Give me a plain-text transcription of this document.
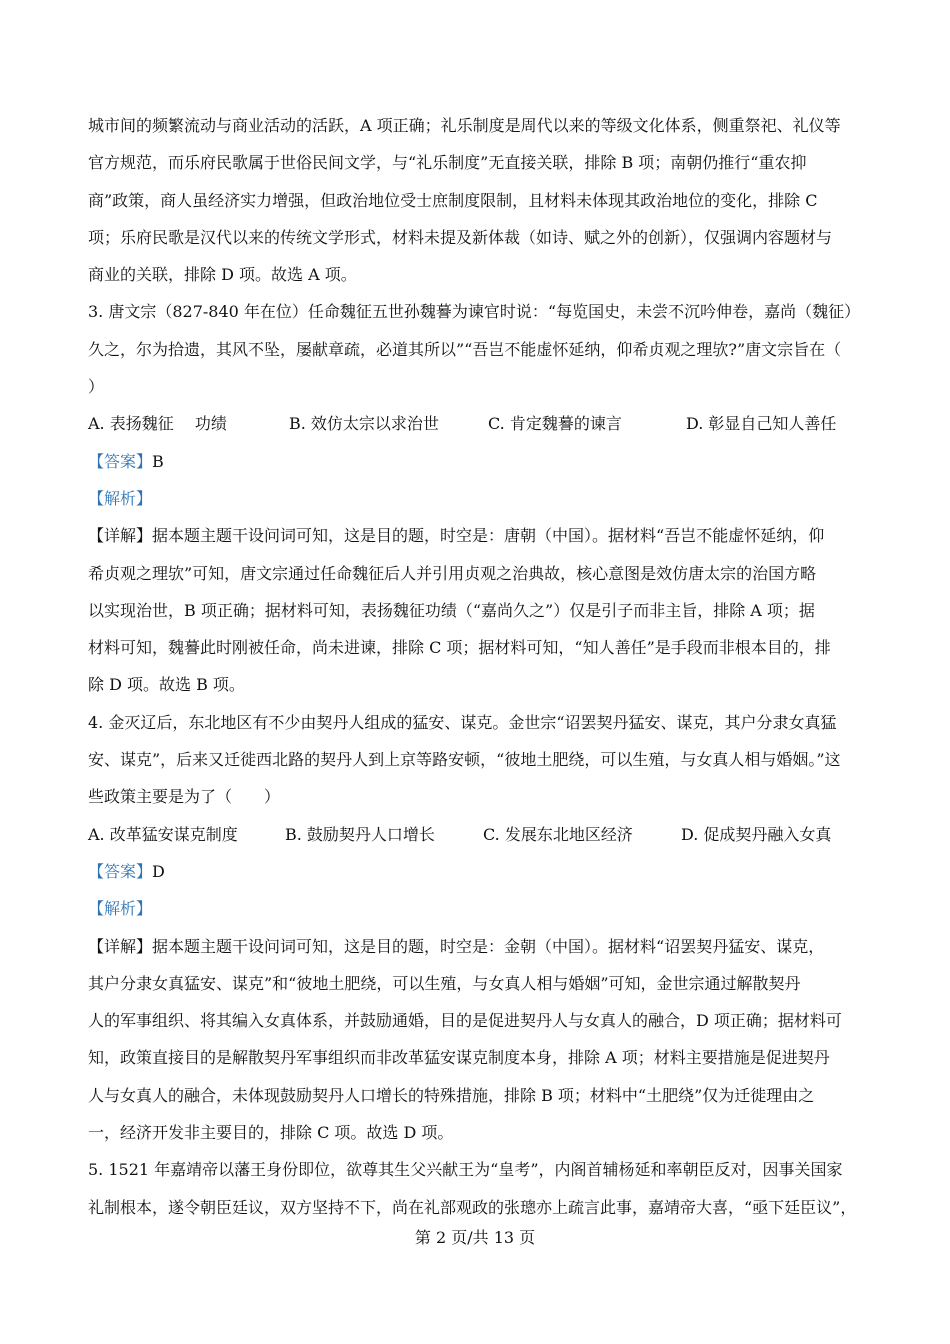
城市间的频繁流动与商业活动的活跃，A 项正确；礼乐制度是周代以来的等级文化体系，侧重祭祀、礼仪等
官方规范，而乐府民歌属于世俗民间文学，与“礼乐制度”无直接关联，排除 B 项；南朝仍推行“重农抑
商”政策，商人虽经济实力增强，但政治地位受士庶制度限制，且材料未体现其政治地位的变化，排除 C
项；乐府民歌是汉代以来的传统文学形式，材料未提及新体裁（如诗、赋之外的创新），仅强调内容题材与
商业的关联，排除 D 项。故选 A 项。
3. 唐文宗（827-840 年在位）任命魏征五世孙魏謩为谏官时说：“每览国史，未尝不沉吟伸卷，嘉尚（魏征）
久之，尔为拾遗，其风不坠，屡献章疏，必道其所以”“吾岂不能虚怀延纳，仰希贞观之理欤?”唐文宗旨在（
）
A. 表扬魏征　 功绩	B. 效仿太宗以求治世	C. 肯定魏謩的谏言	D. 彰显自己知人善任
【答案】B
【解析】
【详解】据本题主题干设问词可知，这是目的题，时空是：唐朝（中国）。据材料“吾岂不能虚怀延纳，仰
希贞观之理欤”可知，唐文宗通过任命魏征后人并引用贞观之治典故，核心意图是效仿唐太宗的治国方略
以实现治世，B 项正确；据材料可知，表扬魏征功绩（“嘉尚久之”）仅是引子而非主旨，排除 A 项；据
材料可知，魏謩此时刚被任命，尚未进谏，排除 C 项；据材料可知，“知人善任”是手段而非根本目的，排
除 D 项。故选 B 项。
4. 金灭辽后，东北地区有不少由契丹人组成的猛安、谋克。金世宗“诏罢契丹猛安、谋克，其户分隶女真猛
安、谋克”，后来又迁徙西北路的契丹人到上京等路安顿，“彼地土肥绕，可以生殖，与女真人相与婚姻。”这
些政策主要是为了（　　）
A. 改革猛安谋克制度	B. 鼓励契丹人口增长	C. 发展东北地区经济	D. 促成契丹融入女真
【答案】D
【解析】
【详解】据本题主题干设问词可知，这是目的题，时空是：金朝（中国）。据材料“诏罢契丹猛安、谋克，
其户分隶女真猛安、谋克”和“彼地土肥绕，可以生殖，与女真人相与婚姻”可知，金世宗通过解散契丹
人的军事组织、将其编入女真体系，并鼓励通婚，目的是促进契丹人与女真人的融合，D 项正确；据材料可
知，政策直接目的是解散契丹军事组织而非改革猛安谋克制度本身，排除 A 项；材料主要措施是促进契丹
人与女真人的融合，未体现鼓励契丹人口增长的特殊措施，排除 B 项；材料中“土肥绕”仅为迁徙理由之
一，经济开发非主要目的，排除 C 项。故选 D 项。
5. 1521 年嘉靖帝以藩王身份即位，欲尊其生父兴献王为“皇考”，内阁首辅杨延和率朝臣反对，因事关国家
礼制根本，遂令朝臣廷议，双方坚持不下，尚在礼部观政的张璁亦上疏言此事，嘉靖帝大喜，“亟下廷臣议”，
第 2 页/共 13 页
